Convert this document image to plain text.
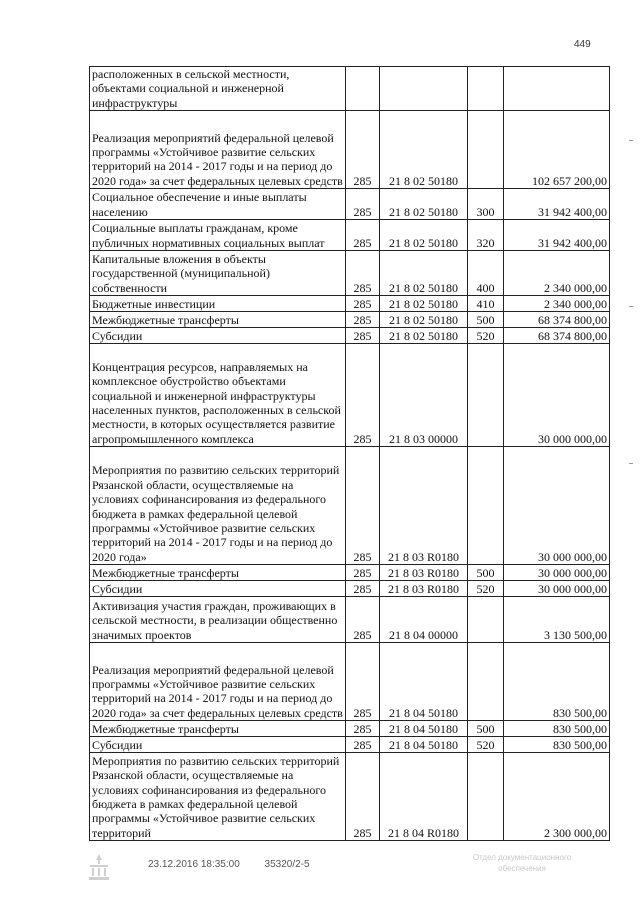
449
расположенных в сельской местности, объектами социальной и инженерной инфраструктуры				
Реализация мероприятий федеральной целевой программы «Устойчивое развитие сельских территорий на 2014 - 2017 годы и на период до 2020 года» за счет федеральных целевых средств	285	21 8 02 50180		102 657 200,00
Социальное обеспечение и иные выплаты населению	285	21 8 02 50180	300	31 942 400,00
Социальные выплаты гражданам, кроме публичных нормативных социальных выплат	285	21 8 02 50180	320	31 942 400,00
Капитальные вложения в объекты государственной (муниципальной) собственности	285	21 8 02 50180	400	2 340 000,00
Бюджетные инвестиции	285	21 8 02 50180	410	2 340 000,00
Межбюджетные трансферты	285	21 8 02 50180	500	68 374 800,00
Субсидии	285	21 8 02 50180	520	68 374 800,00
Концентрация ресурсов, направляемых на комплексное обустройство объектами социальной и инженерной инфраструктуры населенных пунктов, расположенных в сельской местности, в которых осуществляется развитие агропромышленного комплекса	285	21 8 03 00000		30 000 000,00
Мероприятия по развитию сельских территорий Рязанской области, осуществляемые на условиях софинансирования из федерального бюджета в рамках федеральной целевой программы «Устойчивое развитие сельских территорий на 2014 - 2017 годы и на период до 2020 года»	285	21 8 03 R0180		30 000 000,00
Межбюджетные трансферты	285	21 8 03 R0180	500	30 000 000,00
Субсидии	285	21 8 03 R0180	520	30 000 000,00
Активизация участия граждан, проживающих в сельской местности, в реализации общественно значимых проектов	285	21 8 04 00000		3 130 500,00
Реализация мероприятий федеральной целевой программы «Устойчивое развитие сельских территорий на 2014 - 2017 годы и на период до 2020 года» за счет федеральных целевых средств	285	21 8 04 50180		830 500,00
Межбюджетные трансферты	285	21 8 04 50180	500	830 500,00
Субсидии	285	21 8 04 50180	520	830 500,00
Мероприятия по развитию сельских территорий Рязанской области, осуществляемые на условиях софинансирования из федерального бюджета в рамках федеральной целевой программы «Устойчивое развитие сельских территорий	285	21 8 04 R0180		2 300 000,00
23.12.2016 18:35:00 35320/2-5
Отдел документационного
обеспечения
